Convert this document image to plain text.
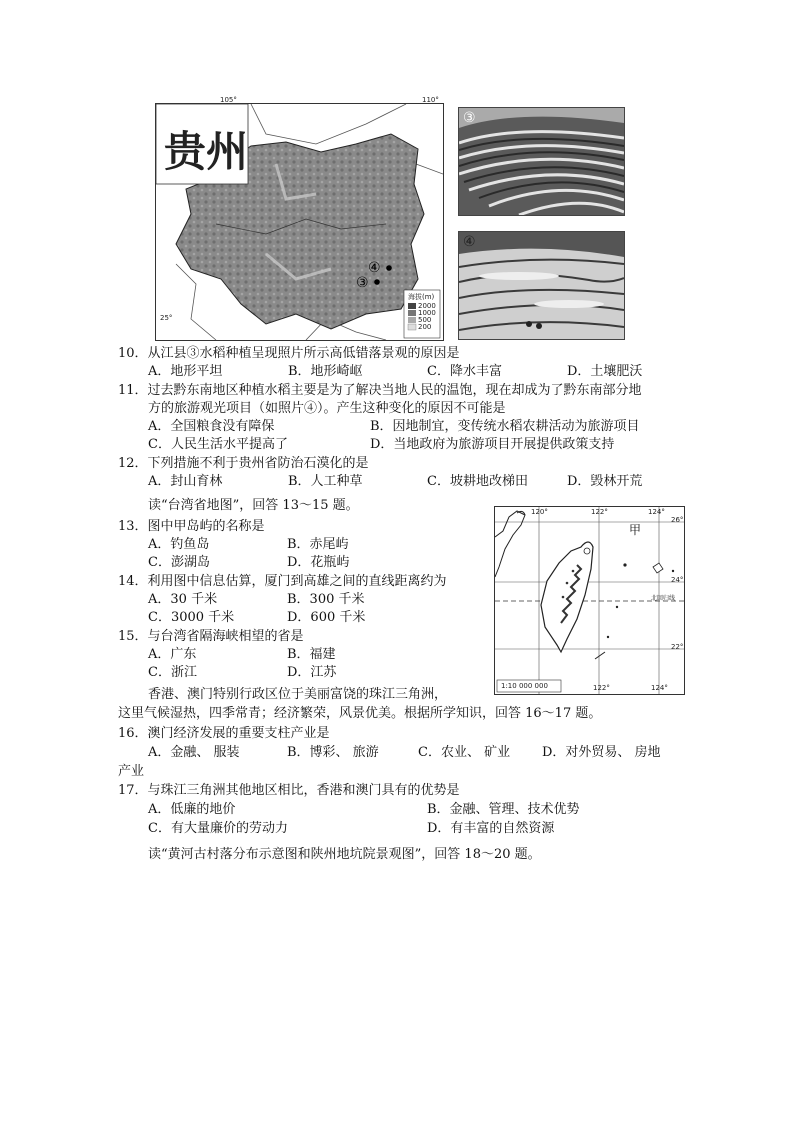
贵州
④
③
海拔(m)
2000
1000
500
200
105°	110°
25°
③
④
10．从江县③水稻种植呈现照片所示高低错落景观的原因是
A．地形平坦	B．地形崎岖	C．降水丰富	D．土壤肥沃
11．过去黔东南地区种植水稻主要是为了解决当地人民的温饱，现在却成为了黔东南部分地
方的旅游观光项目（如照片④）。产生这种变化的原因不可能是
A．全国粮食没有障保	B．因地制宜，变传统水稻农耕活动为旅游项目
C．人民生活水平提高了	D．当地政府为旅游项目开展提供政策支持
12．下列措施不利于贵州省防治石漠化的是
A．封山育林	B．人工种草	C．坡耕地改梯田	D．毁林开荒
读“台湾省地图”，回答 13～15 题。
13．图中甲岛屿的名称是
A．钓鱼岛	B．赤尾屿
C．澎湖岛	D．花瓶屿
14．利用图中信息估算，厦门到高雄之间的直线距离约为
A．30 千米	B．300 千米
C．3000 千米	D．600 千米
15．与台湾省隔海峡相望的省是
A．广东	B．福建
C．浙江	D．江苏
120°	122°	124°
26°
24°
22°
甲
北回归线
122°	124°
1:10 000 000
香港、澳门特别行政区位于美丽富饶的珠江三角洲，
这里气候湿热，四季常青；经济繁荣，风景优美。根据所学知识，回答 16～17 题。
16．澳门经济发展的重要支柱产业是
A．金融、 服装	B．博彩、 旅游	C．农业、 矿业 D．对外贸易、 房地
产业
17．与珠江三角洲其他地区相比，香港和澳门具有的优势是
A．低廉的地价	B．金融、管理、技术优势
C．有大量廉价的劳动力	D．有丰富的自然资源
读“黄河古村落分布示意图和陕州地坑院景观图”，回答 18～20 题。
